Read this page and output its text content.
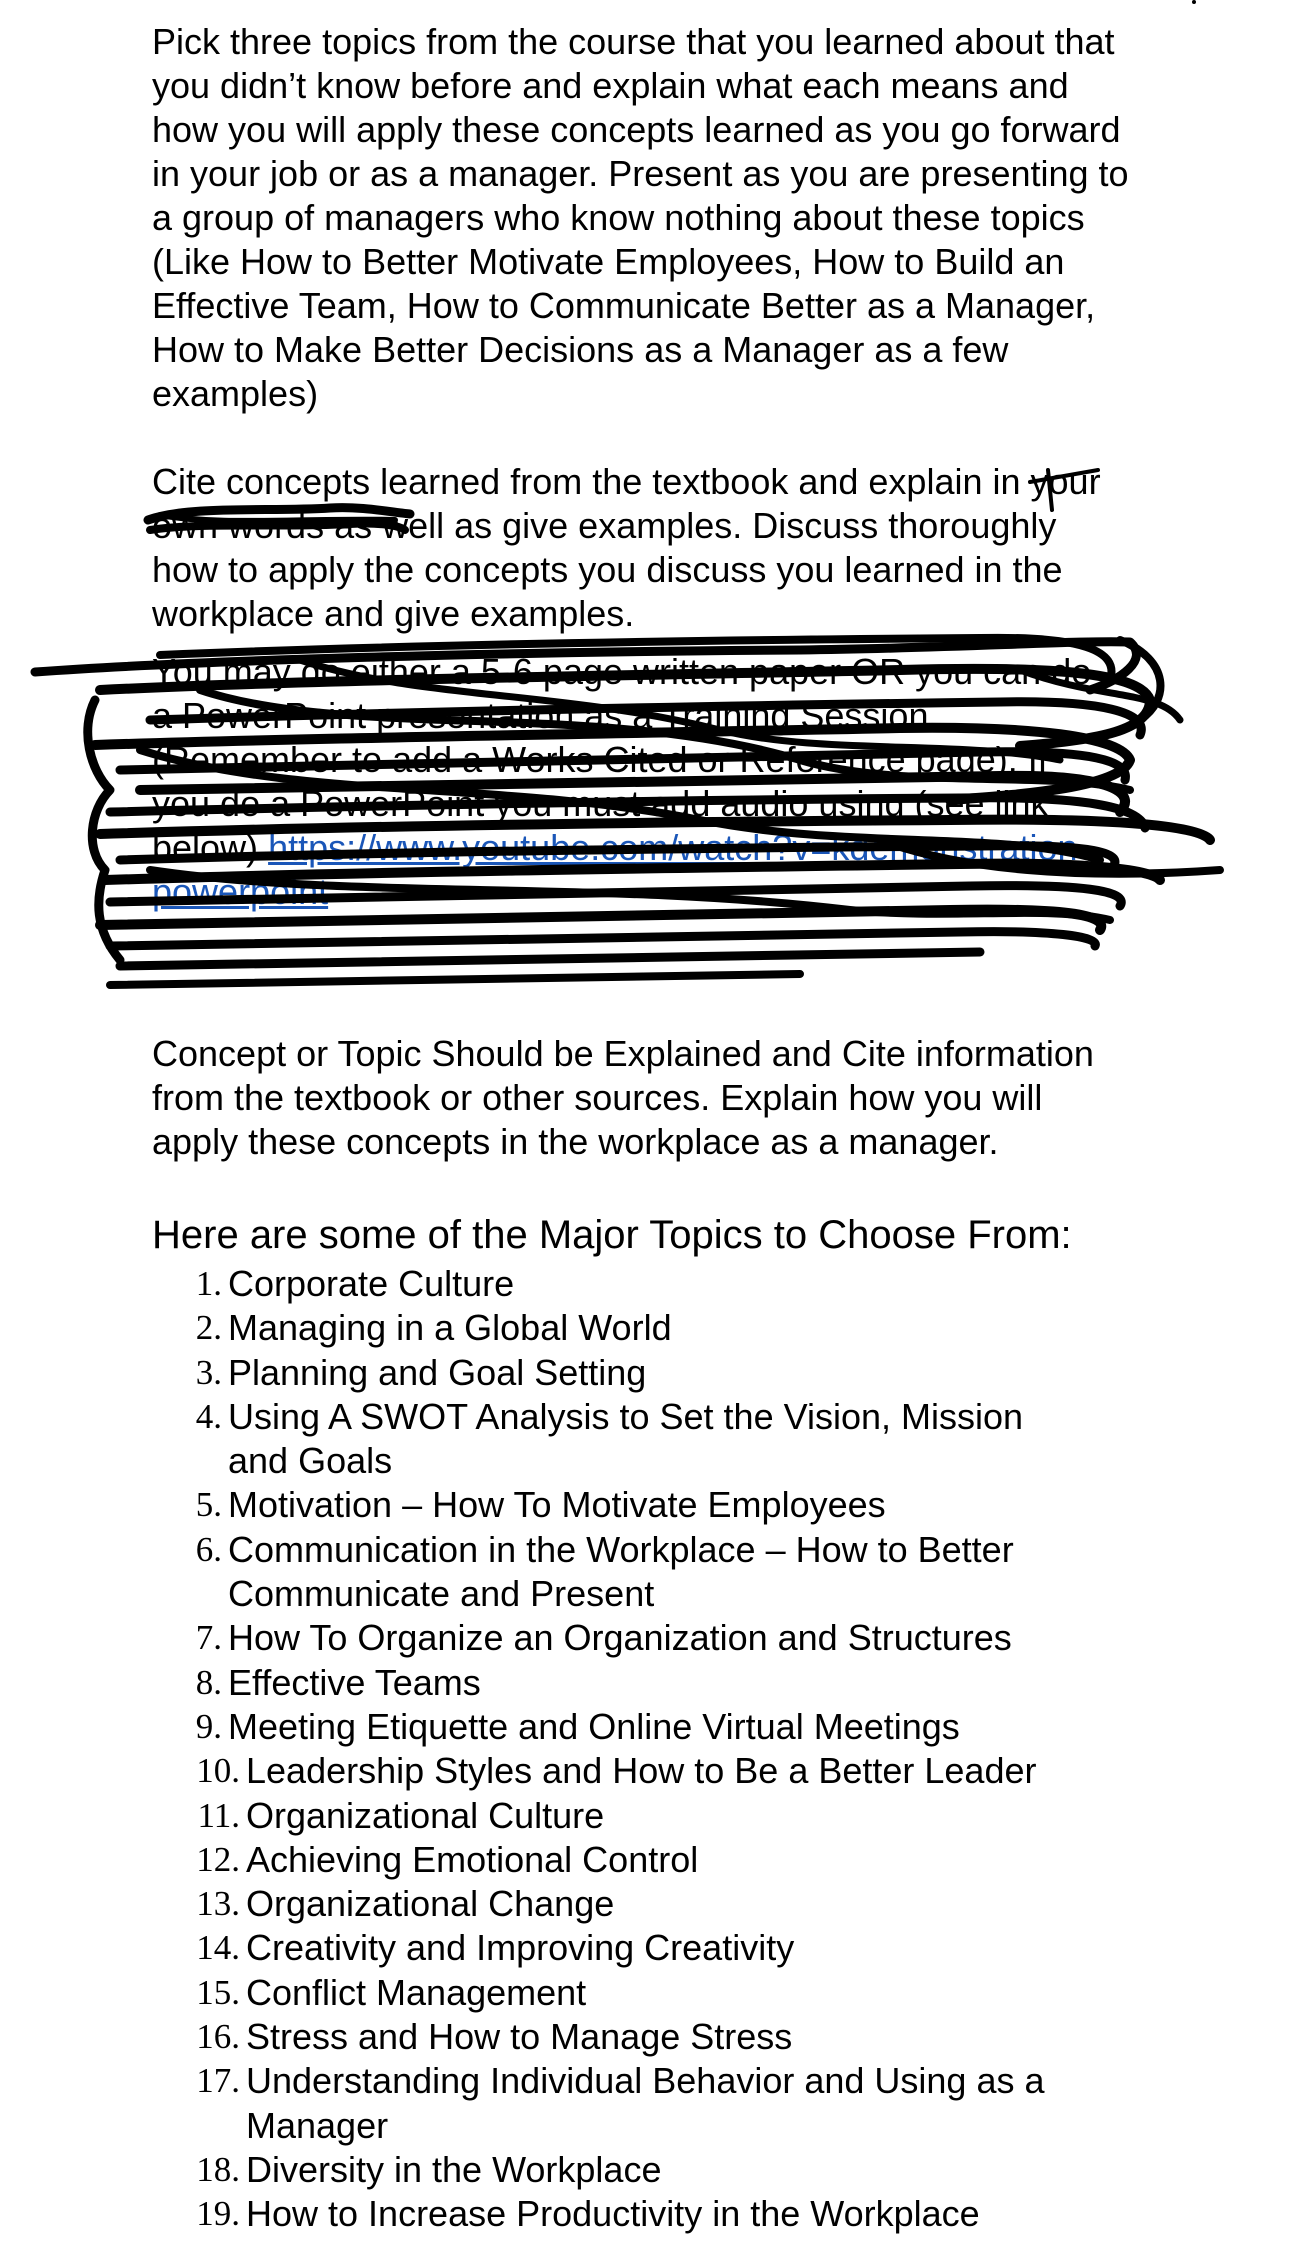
Pick three topics from the course that you learned about that you didn’t know before and explain what each means and how you will apply these concepts learned as you go forward in your job or as a manager. Present as you are presenting to a group of managers who know nothing about these topics (Like How to Better Motivate Employees, How to Build an Effective Team, How to Communicate Better as a Manager, How to Make Better Decisions as a Manager as a few examples)

Cite concepts learned from the textbook and explain in your own words as well as give examples. Discuss thoroughly how to apply the concepts you discuss you learned in the workplace and give examples.

You may do either a 5-6 page written paper OR you can do a PowerPoint presentation as a Training Session (Remember to add a Works Cited or Reference page). If you do a PowerPoint you must add audio using (see link below) https://www.youtube.com/watch?v=kdemonstration-powerpoint

Concept or Topic Should be Explained and Cite information from the textbook or other sources. Explain how you will apply these concepts in the workplace as a manager.

Here are some of the Major Topics to Choose From:
1. Corporate Culture
2. Managing in a Global World
3. Planning and Goal Setting
4. Using A SWOT Analysis to Set the Vision, Mission and Goals
5. Motivation – How To Motivate Employees
6. Communication in the Workplace – How to Better Communicate and Present
7. How To Organize an Organization and Structures
8. Effective Teams
9. Meeting Etiquette and Online Virtual Meetings
10. Leadership Styles and How to Be a Better Leader
11. Organizational Culture
12. Achieving Emotional Control
13. Organizational Change
14. Creativity and Improving Creativity
15. Conflict Management
16. Stress and How to Manage Stress
17. Understanding Individual Behavior and Using as a Manager
18. Diversity in the Workplace
19. How to Increase Productivity in the Workplace
